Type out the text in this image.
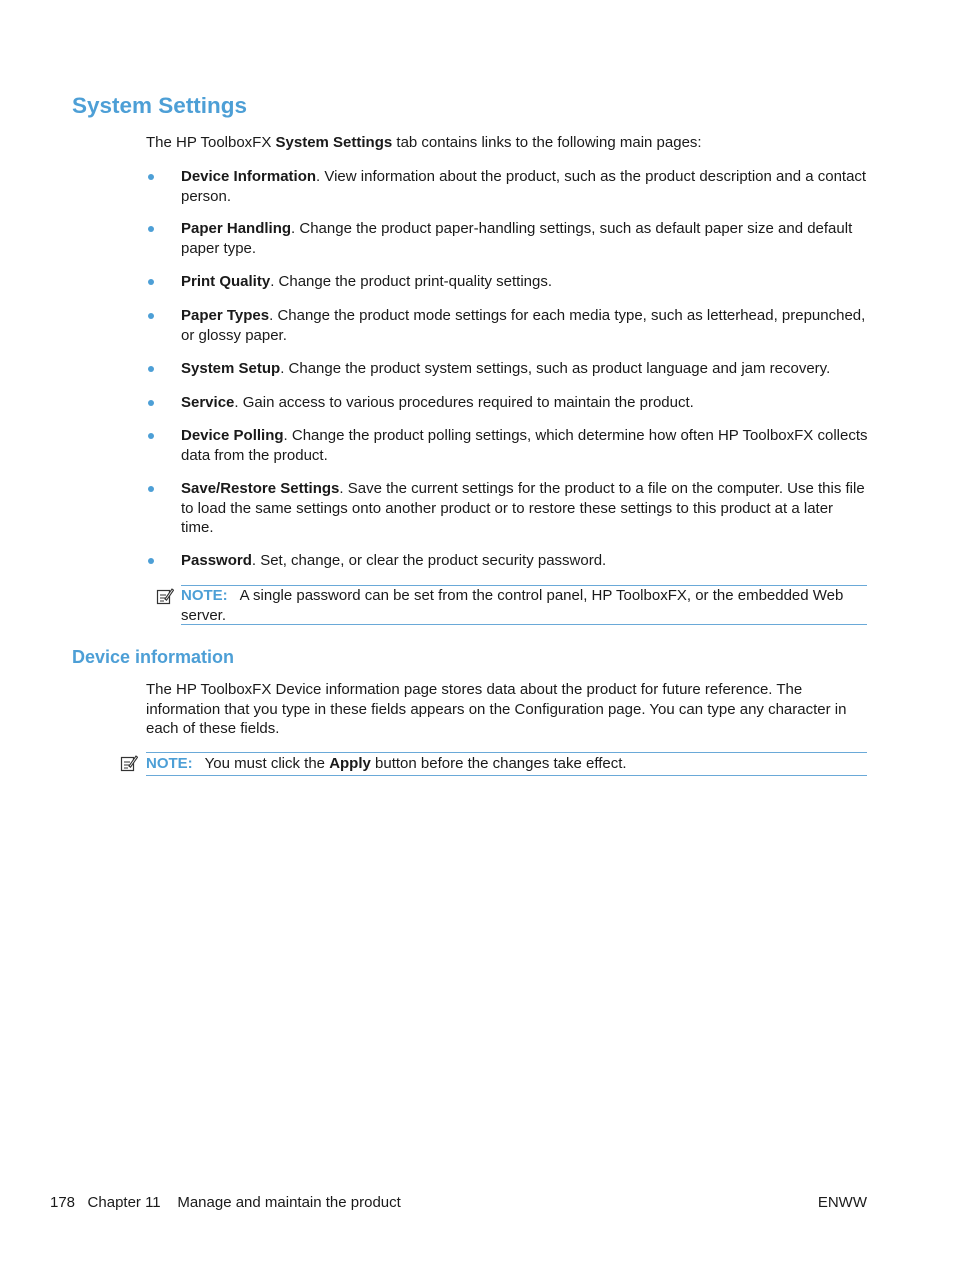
System Settings

The HP ToolboxFX System Settings tab contains links to the following main pages:

Device Information. View information about the product, such as the product description and a contact person.

Paper Handling. Change the product paper-handling settings, such as default paper size and default paper type.

Print Quality. Change the product print-quality settings.

Paper Types. Change the product mode settings for each media type, such as letterhead, prepunched, or glossy paper.

System Setup. Change the product system settings, such as product language and jam recovery.

Service. Gain access to various procedures required to maintain the product.

Device Polling. Change the product polling settings, which determine how often HP ToolboxFX collects data from the product.

Save/Restore Settings. Save the current settings for the product to a file on the computer. Use this file to load the same settings onto another product or to restore these settings to this product at a later time.

Password. Set, change, or clear the product security password.

NOTE: A single password can be set from the control panel, HP ToolboxFX, or the embedded Web server.

Device information

The HP ToolboxFX Device information page stores data about the product for future reference. The information that you type in these fields appears on the Configuration page. You can type any character in each of these fields.

NOTE: You must click the Apply button before the changes take effect.

178 Chapter 11 Manage and maintain the product	ENWW
